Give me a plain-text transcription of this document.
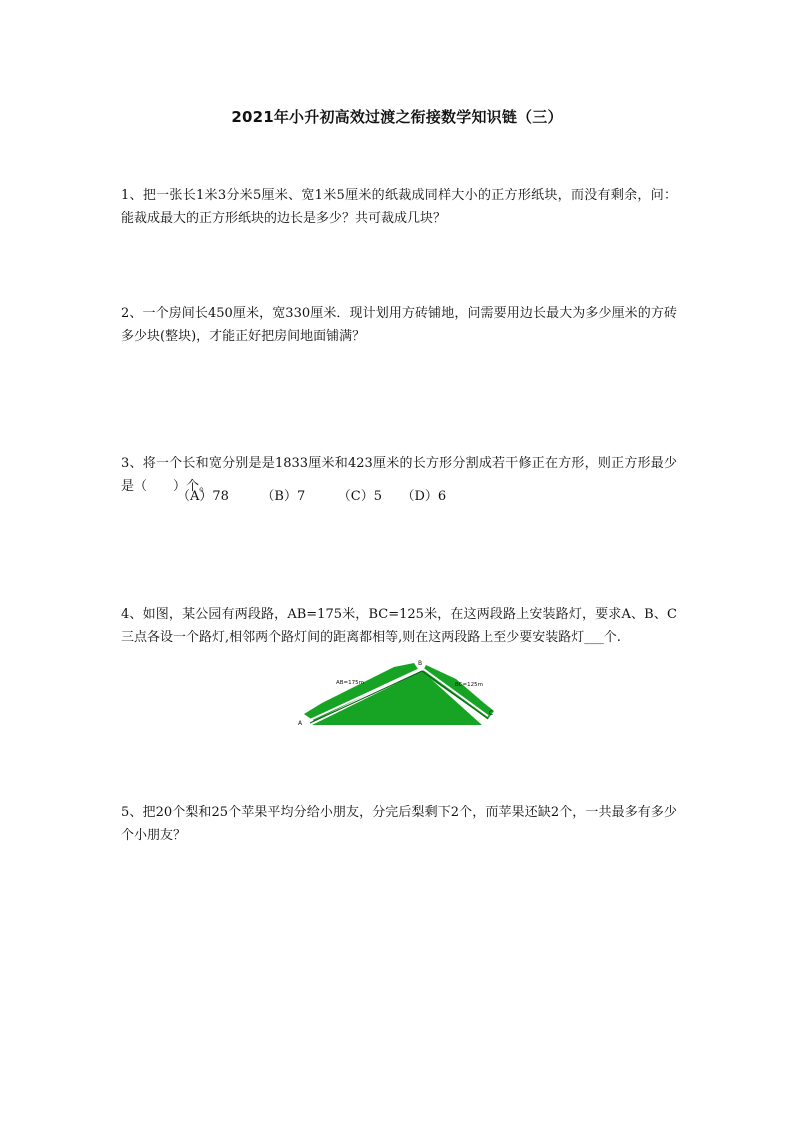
2021年小升初高效过渡之衔接数学知识链（三）
1、把一张长1米3分米5厘米、宽1米5厘米的纸裁成同样大小的正方形纸块，而没有剩余，问：能裁成最大的正方形纸块的边长是多少？共可裁成几块？
2、一个房间长450厘米，宽330厘米．现计划用方砖铺地，问需要用边长最大为多少厘米的方砖多少块(整块)，才能正好把房间地面铺满？
3、将一个长和宽分别是是1833厘米和423厘米的长方形分割成若干修正在方形，则正方形最少是（　　）个。
（A）78　　　（B）7　　　（C）5　　（D）6
4、如图，某公园有两段路，AB=175米，BC=125米，在这两段路上安装路灯，要求A、B、C三点各设一个路灯,相邻两个路灯间的距离都相等,则在这两段路上至少要安装路灯___个.
A
B
C
AB=175m	BC=125m
5、把20个梨和25个苹果平均分给小朋友，分完后梨剩下2个，而苹果还缺2个，一共最多有多少个小朋友？
